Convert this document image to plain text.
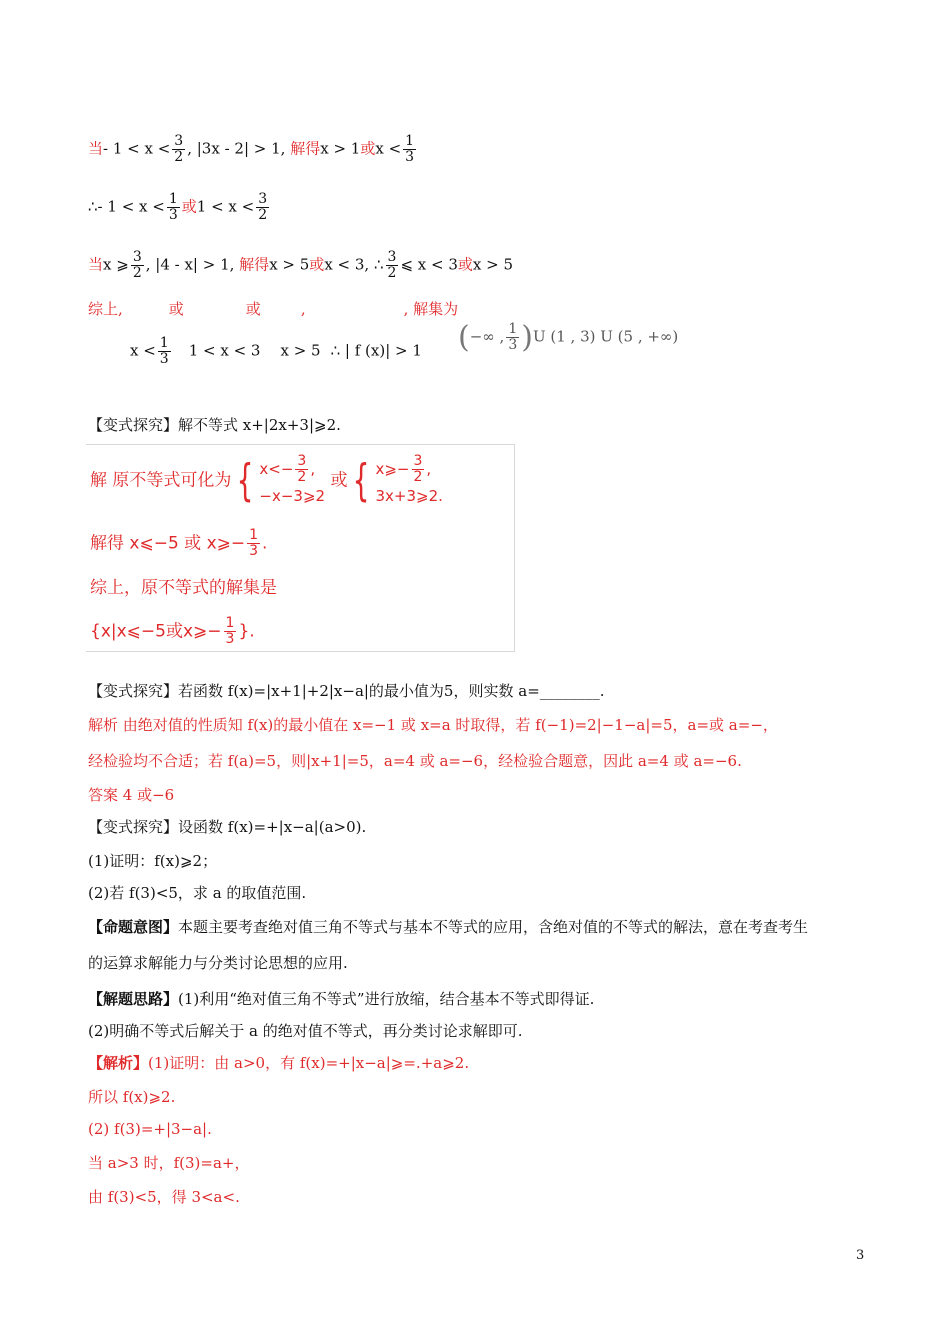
当- $1 < x < \frac{3}{2}$ , |3x - 2| > 1, 解得x > 1或$x < \frac{1}{3}$
∴- $1 < x < \frac{1}{3}$ 或$1 < x < \frac{3}{2}$
当x ⩾ $\frac{3}{2}$ , |4 - x| > 1, 解得x > 5或x < 3, ∴ $\frac{3}{2}$ ⩽ x < 3或x > 5
综上,	或	或	,	, 解集为
$x < \frac{1}{3} 1 < x < 3$ x > 5 ∴ | f (x)| > 1 (−∞ , $\frac{1}{3} )U$ (1 , 3) U (5 , +∞)
【变式探究】解不等式 x+|2x+3|⩾2.
解 原不等式可化为 { $x<- \frac{3}{2}$ ,
−x−3⩾2
或 { x⩾− $\frac{3}{2}$ ,
3x+3⩾2.
解得 x⩽−5 或 x⩾− $\frac{1}{3}$ .
综上，原不等式的解集是
{x|x⩽−5或x⩾− $\frac{1}{3}$ }.
【变式探究】若函数 f(x)=|x+1|+2|x−a|的最小值为5，则实数 a=________.
解析 由绝对值的性质知 f(x)的最小值在 x=−1 或 x=a 时取得，若 f(−1)=2|−1−a|=5，a=或 a=−，
经检验均不合适；若 f(a)=5，则|x+1|=5，a=4 或 a=−6，经检验合题意，因此 a=4 或 a=−6.
答案 4 或−6
【变式探究】设函数 f(x)=+|x−a|(a>0).
(1)证明：f(x)⩾2；
(2)若 f(3)<5，求 a 的取值范围.
【命题意图】本题主要考查绝对值三角不等式与基本不等式的应用，含绝对值的不等式的解法，意在考查考生
的运算求解能力与分类讨论思想的应用.
【解题思路】(1)利用“绝对值三角不等式”进行放缩，结合基本不等式即得证.
(2)明确不等式后解关于 a 的绝对值不等式，再分类讨论求解即可.
【解析】(1)证明：由 a>0，有 f(x)=+|x−a|⩾=.+a⩾2.
所以 f(x)⩾2.
(2) f(3)=+|3−a|.
当 a>3 时，f(3)=a+，
由 f(3)<5，得 3<a<.
3
